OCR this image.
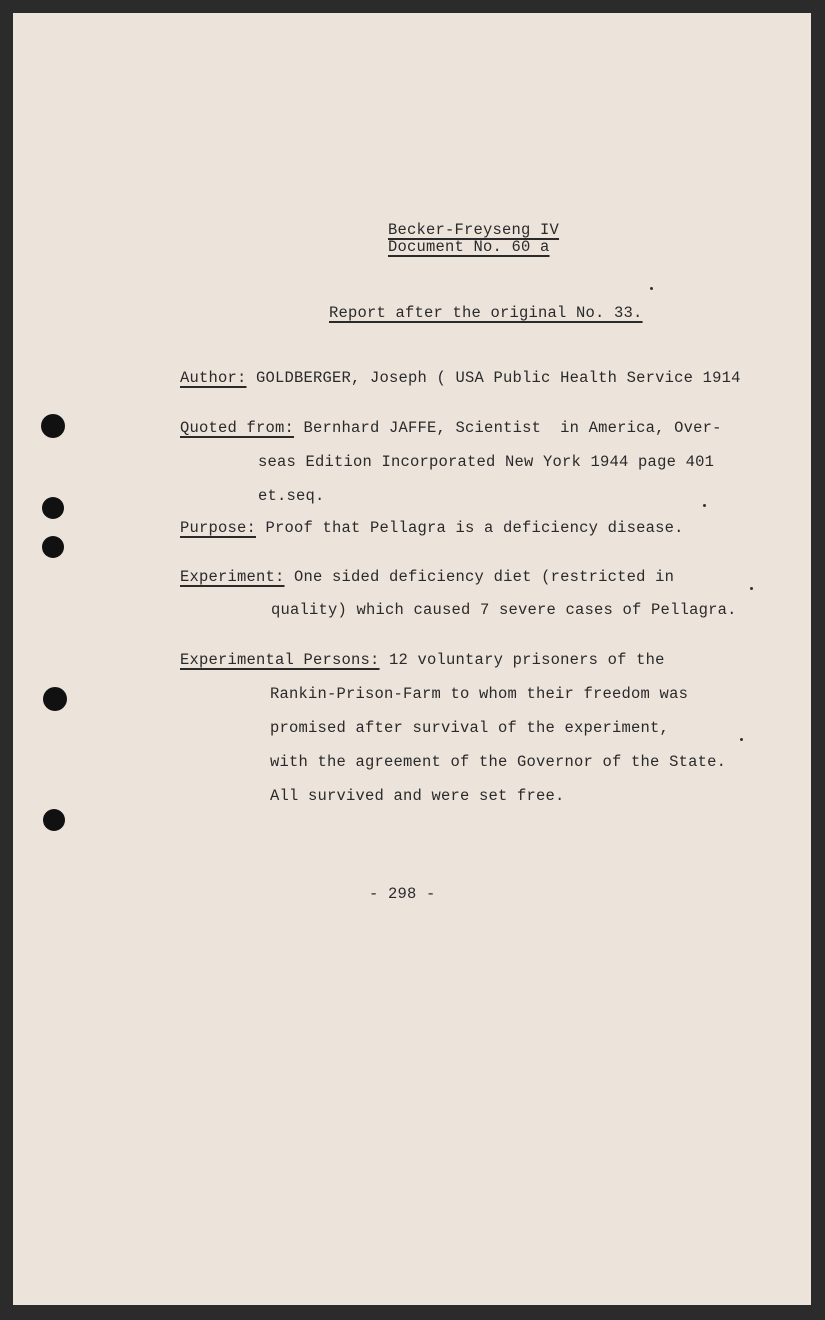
Becker-Freyseng IV
Document No. 60 a
Report after the original No. 33.
Author: GOLDBERGER, Joseph ( USA Public Health Service 1914
Quoted from: Bernhard JAFFE, Scientist  in America, Over-
seas Edition Incorporated New York 1944 page 401
et.seq.
Purpose: Proof that Pellagra is a deficiency disease.
Experiment: One sided deficiency diet (restricted in
quality) which caused 7 severe cases of Pellagra.
Experimental Persons: 12 voluntary prisoners of the
Rankin-Prison-Farm to whom their freedom was
promised after survival of the experiment,
with the agreement of the Governor of the State.
All survived and were set free.
- 298 -
